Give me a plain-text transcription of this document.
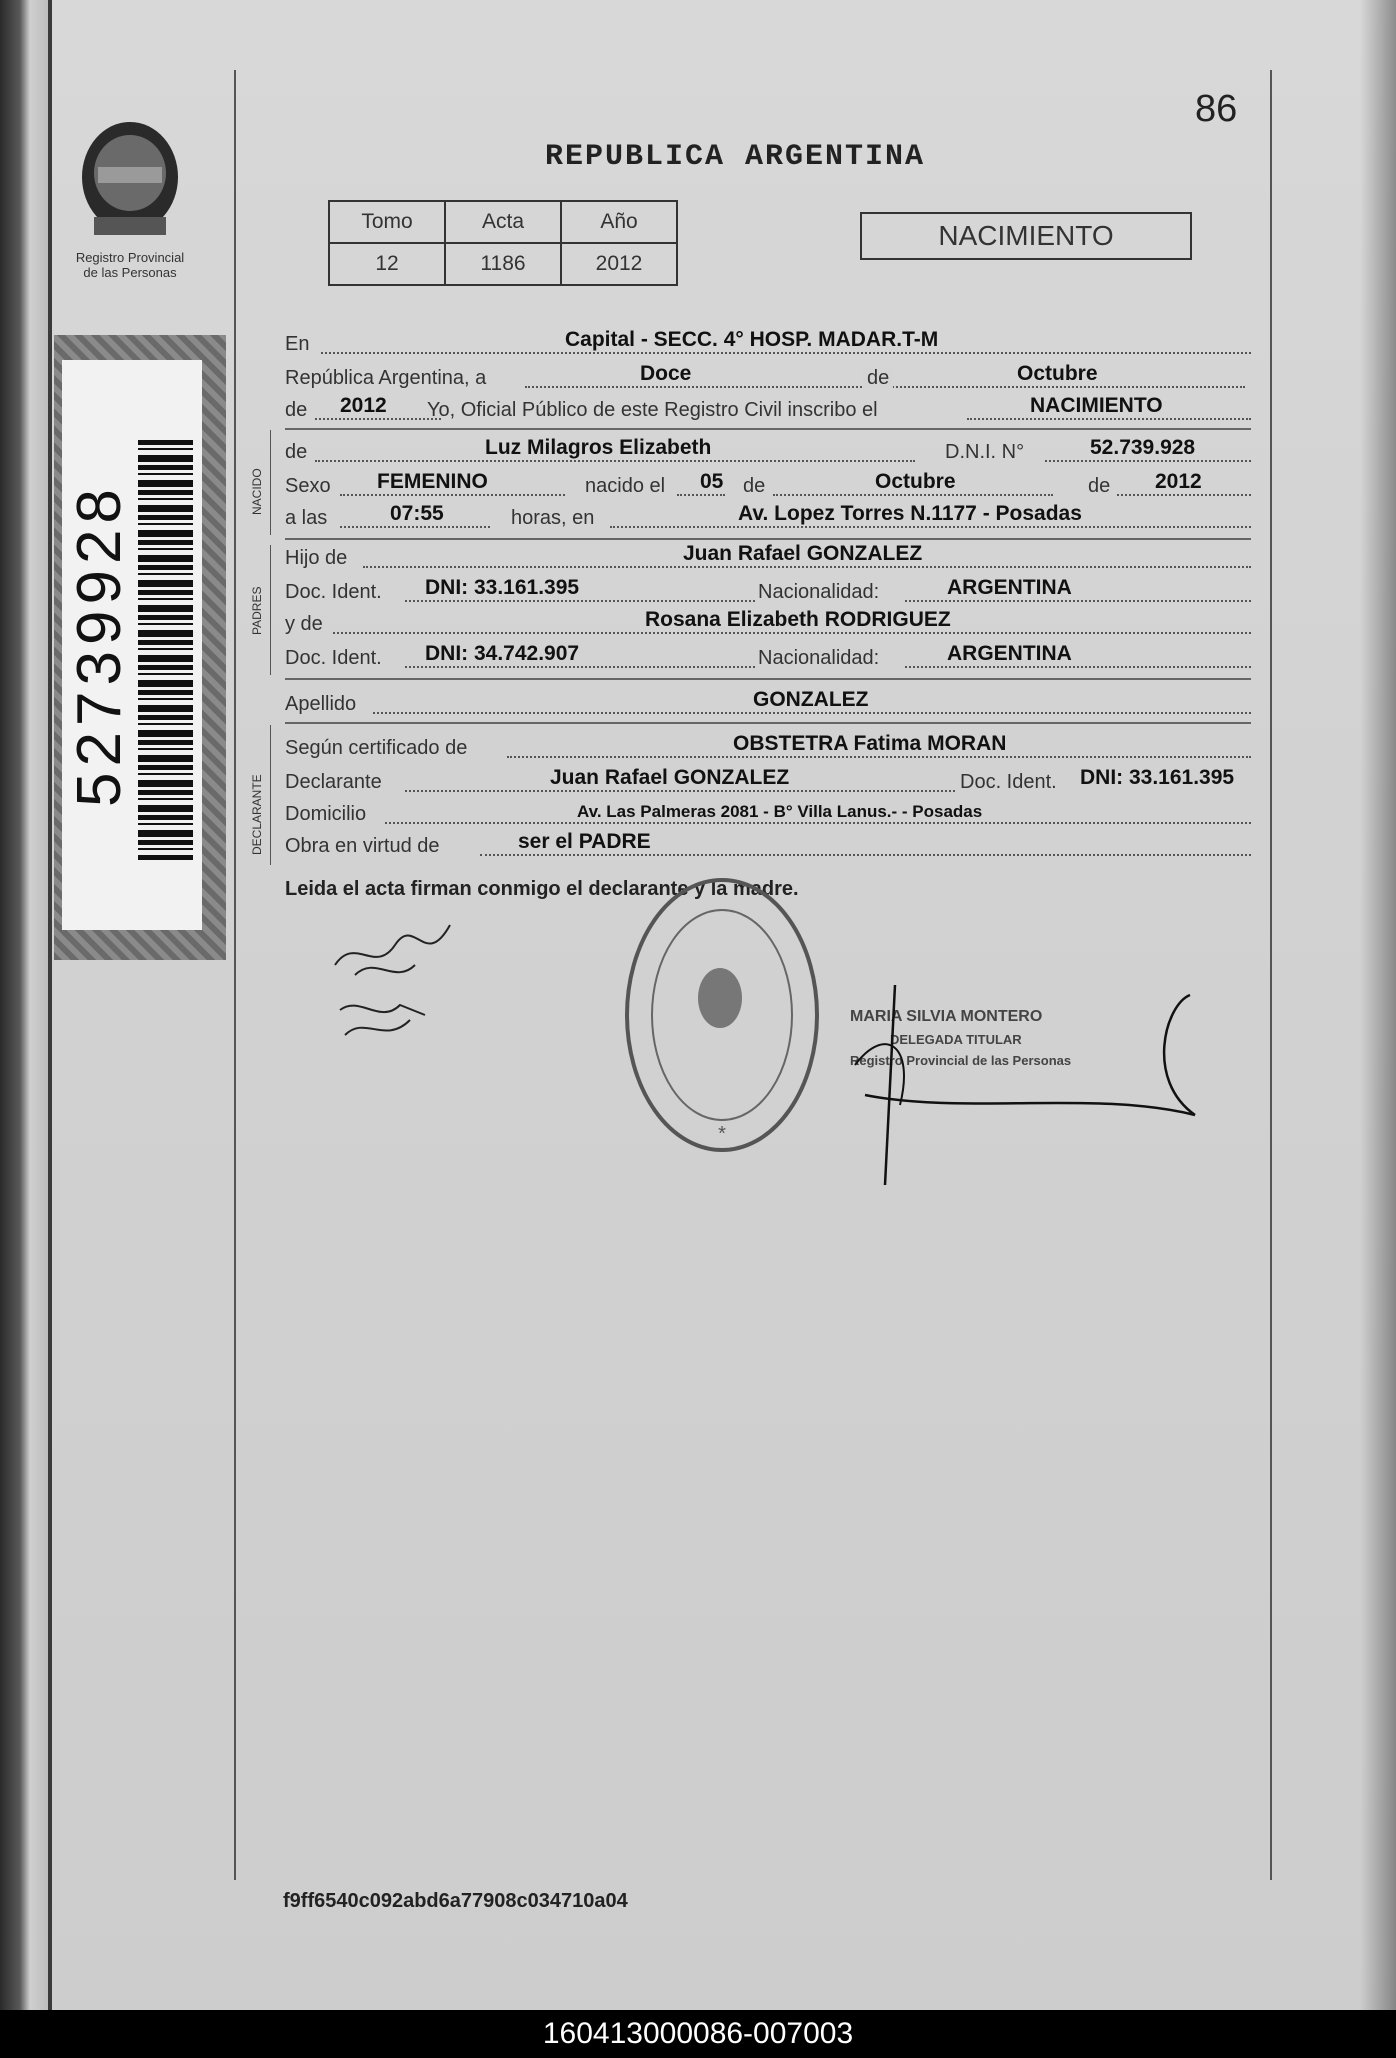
Registro Provincial
de las Personas
52739928
86
REPUBLICA ARGENTINA
Tomo	Acta	Año
12	1186	2012
NACIMIENTO
NACIDO
PADRES
DECLARANTE
En	Capital - SECC. 4° HOSP. MADAR.T-M
República Argentina, a	Doce	de	Octubre
de 2012 Yo, Oficial Público de este Registro Civil inscribo el	NACIMIENTO
de	Luz Milagros Elizabeth	D.N.I. N°	52.739.928
Sexo FEMENINO	nacido el 05 de	Octubre	de 2012
a las	07:55	horas, en	Av. Lopez Torres N.1177 - Posadas
Hijo de	Juan Rafael GONZALEZ
Doc. Ident. DNI: 33.161.395	Nacionalidad:	ARGENTINA
y de	Rosana Elizabeth RODRIGUEZ
Doc. Ident. DNI: 34.742.907	Nacionalidad:	ARGENTINA
Apellido	GONZALEZ
Según certificado de	OBSTETRA Fatima MORAN
Declarante	Juan Rafael GONZALEZ	Doc. Ident. DNI: 33.161.395
Domicilio	Av. Las Palmeras 2081 - B° Villa Lanus.- - Posadas
Obra en virtud de	ser el PADRE
Leida el acta firman conmigo el declarante y la madre.
*
MARIA SILVIA MONTERO
DELEGADA TITULAR
Registro Provincial de las Personas
f9ff6540c092abd6a77908c034710a04
160413000086-007003
